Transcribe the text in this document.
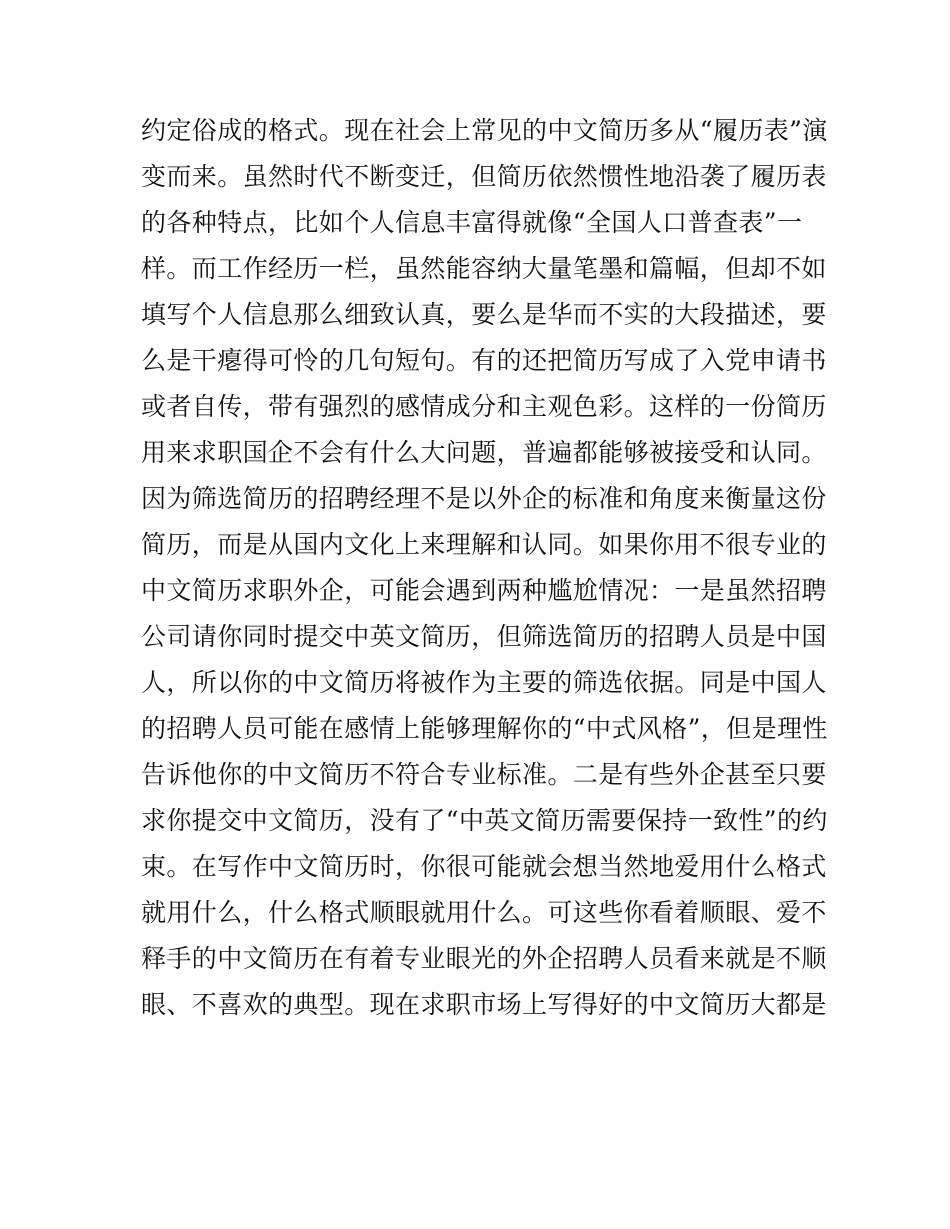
约定俗成的格式。现在社会上常见的中文简历多从“履历表”演
变而来。虽然时代不断变迁，但简历依然惯性地沿袭了履历表
的各种特点，比如个人信息丰富得就像“全国人口普查表”一
样。而工作经历一栏，虽然能容纳大量笔墨和篇幅，但却不如
填写个人信息那么细致认真，要么是华而不实的大段描述，要
么是干瘪得可怜的几句短句。有的还把简历写成了入党申请书
或者自传，带有强烈的感情成分和主观色彩。这样的一份简历
用来求职国企不会有什么大问题，普遍都能够被接受和认同。
因为筛选简历的招聘经理不是以外企的标准和角度来衡量这份
简历，而是从国内文化上来理解和认同。如果你用不很专业的
中文简历求职外企，可能会遇到两种尴尬情况：一是虽然招聘
公司请你同时提交中英文简历，但筛选简历的招聘人员是中国
人，所以你的中文简历将被作为主要的筛选依据。同是中国人
的招聘人员可能在感情上能够理解你的“中式风格”，但是理性
告诉他你的中文简历不符合专业标准。二是有些外企甚至只要
求你提交中文简历，没有了“中英文简历需要保持一致性”的约
束。在写作中文简历时，你很可能就会想当然地爱用什么格式
就用什么，什么格式顺眼就用什么。可这些你看着顺眼、爱不
释手的中文简历在有着专业眼光的外企招聘人员看来就是不顺
眼、不喜欢的典型。现在求职市场上写得好的中文简历大都是
